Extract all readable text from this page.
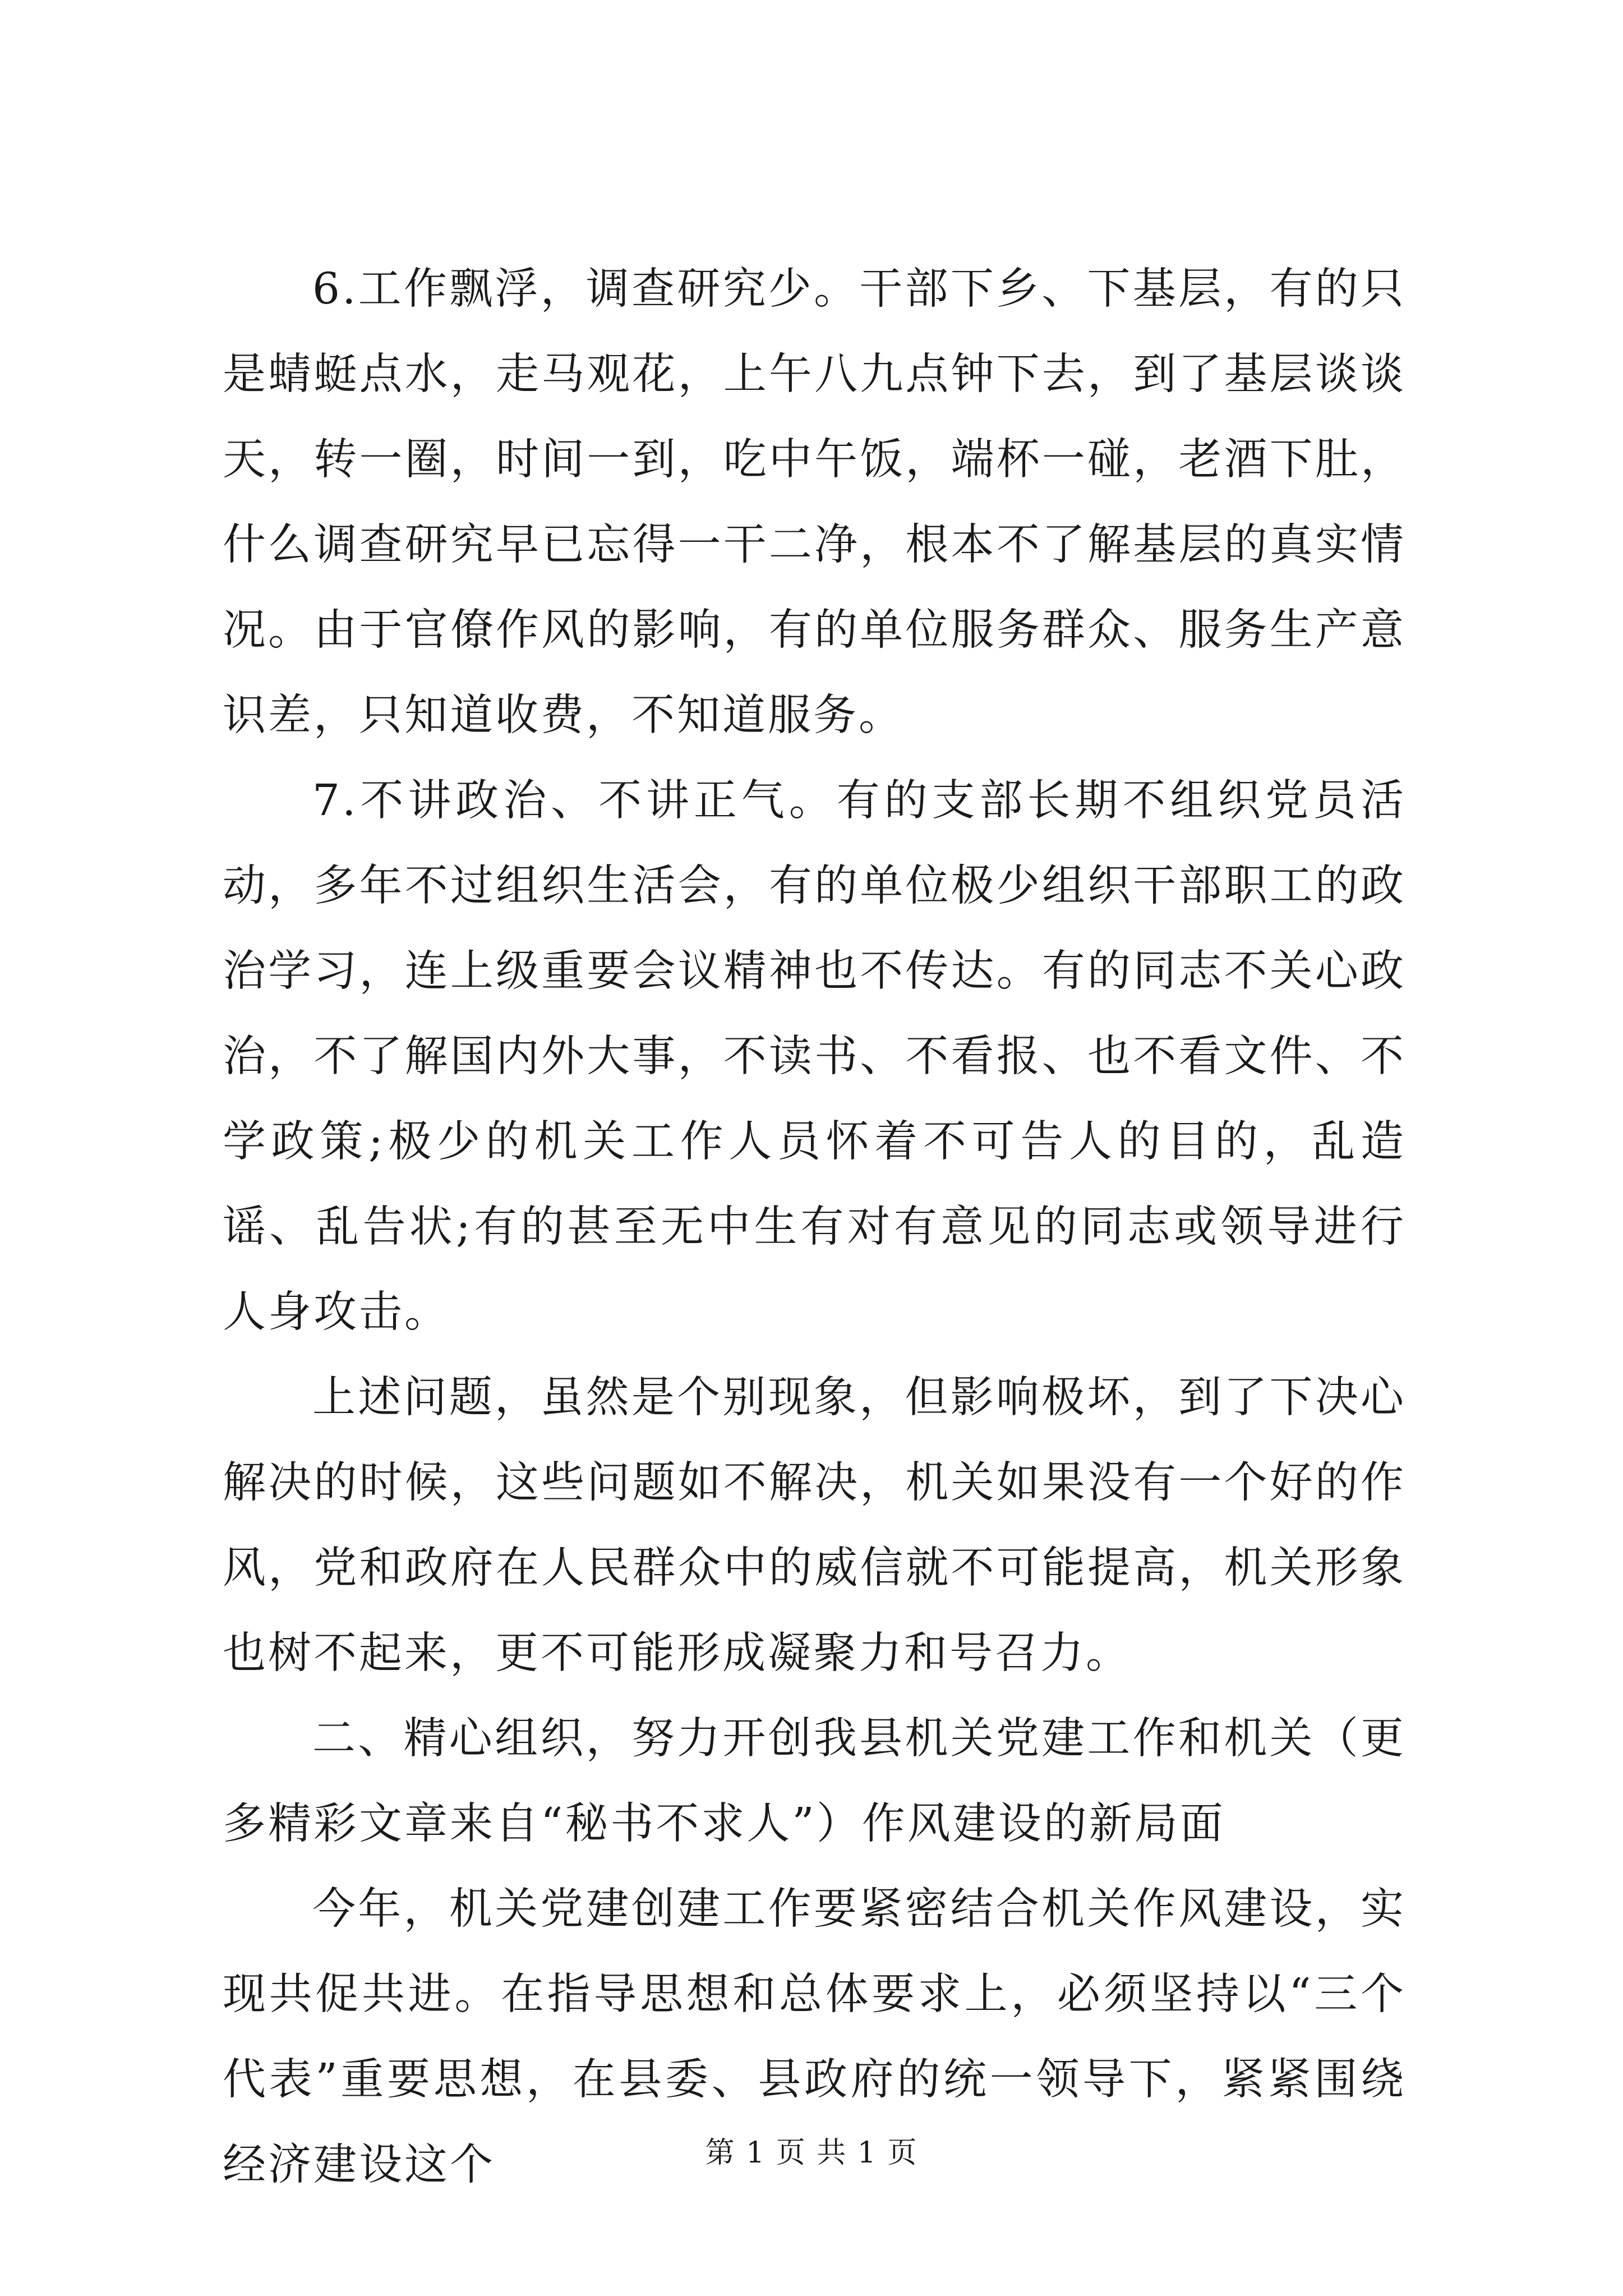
6.工作飘浮，调查研究少。干部下乡、下基层，有的只是蜻蜓点水，走马观花，上午八九点钟下去，到了基层谈谈天，转一圈，时间一到，吃中午饭，端杯一碰，老酒下肚，什么调查研究早已忘得一干二净，根本不了解基层的真实情况。由于官僚作风的影响，有的单位服务群众、服务生产意识差，只知道收费，不知道服务。

7.不讲政治、不讲正气。有的支部长期不组织党员活动，多年不过组织生活会，有的单位极少组织干部职工的政治学习，连上级重要会议精神也不传达。有的同志不关心政治，不了解国内外大事，不读书、不看报、也不看文件、不学政策;极少的机关工作人员怀着不可告人的目的，乱造谣、乱告状;有的甚至无中生有对有意见的同志或领导进行人身攻击。

上述问题，虽然是个别现象，但影响极坏，到了下决心解决的时候，这些问题如不解决，机关如果没有一个好的作风，党和政府在人民群众中的威信就不可能提高，机关形象也树不起来，更不可能形成凝聚力和号召力。

二、精心组织，努力开创我县机关党建工作和机关（更多精彩文章来自“秘书不求人”）作风建设的新局面

今年，机关党建创建工作要紧密结合机关作风建设，实现共促共进。在指导思想和总体要求上，必须坚持以“三个代表”重要思想，在县委、县政府的统一领导下，紧紧围绕经济建设这个	第 1 页 共 1 页
